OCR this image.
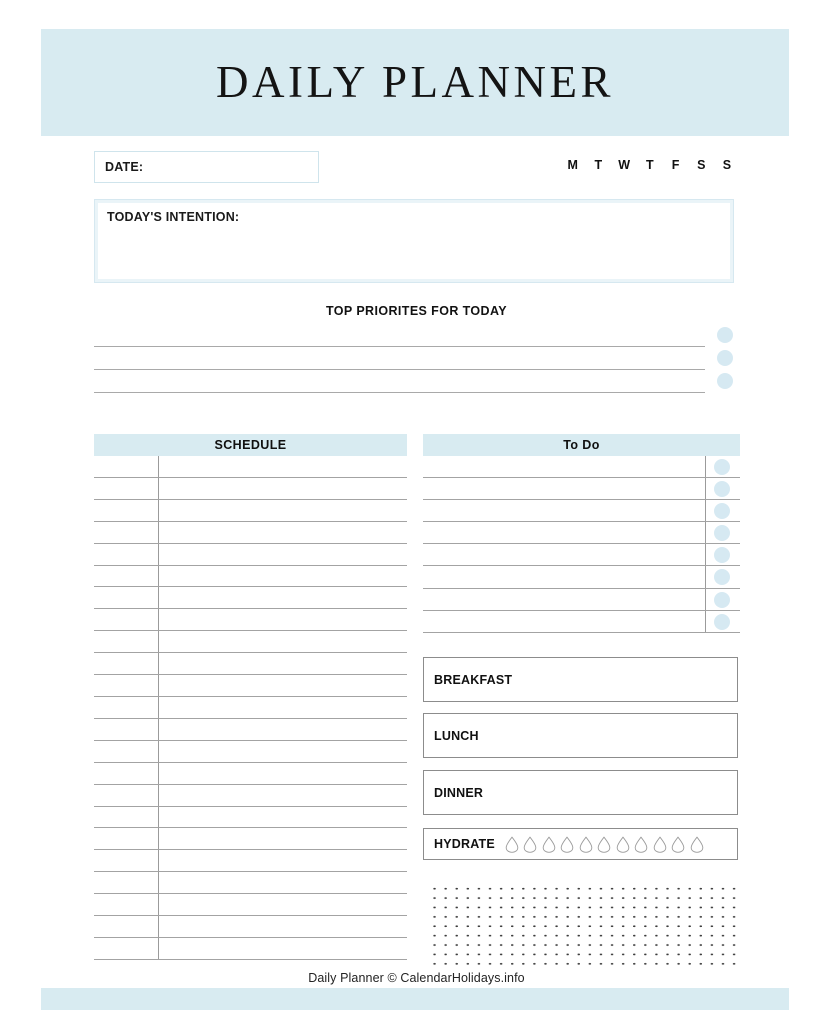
DAILY PLANNER
DATE:	M	T	W	T	F	S	S
TODAY'S INTENTION:
TOP PRIORITES FOR TODAY
SCHEDULE	To Do
BREAKFAST
LUNCH
DINNER
HYDRATE
Daily Planner © CalendarHolidays.info
